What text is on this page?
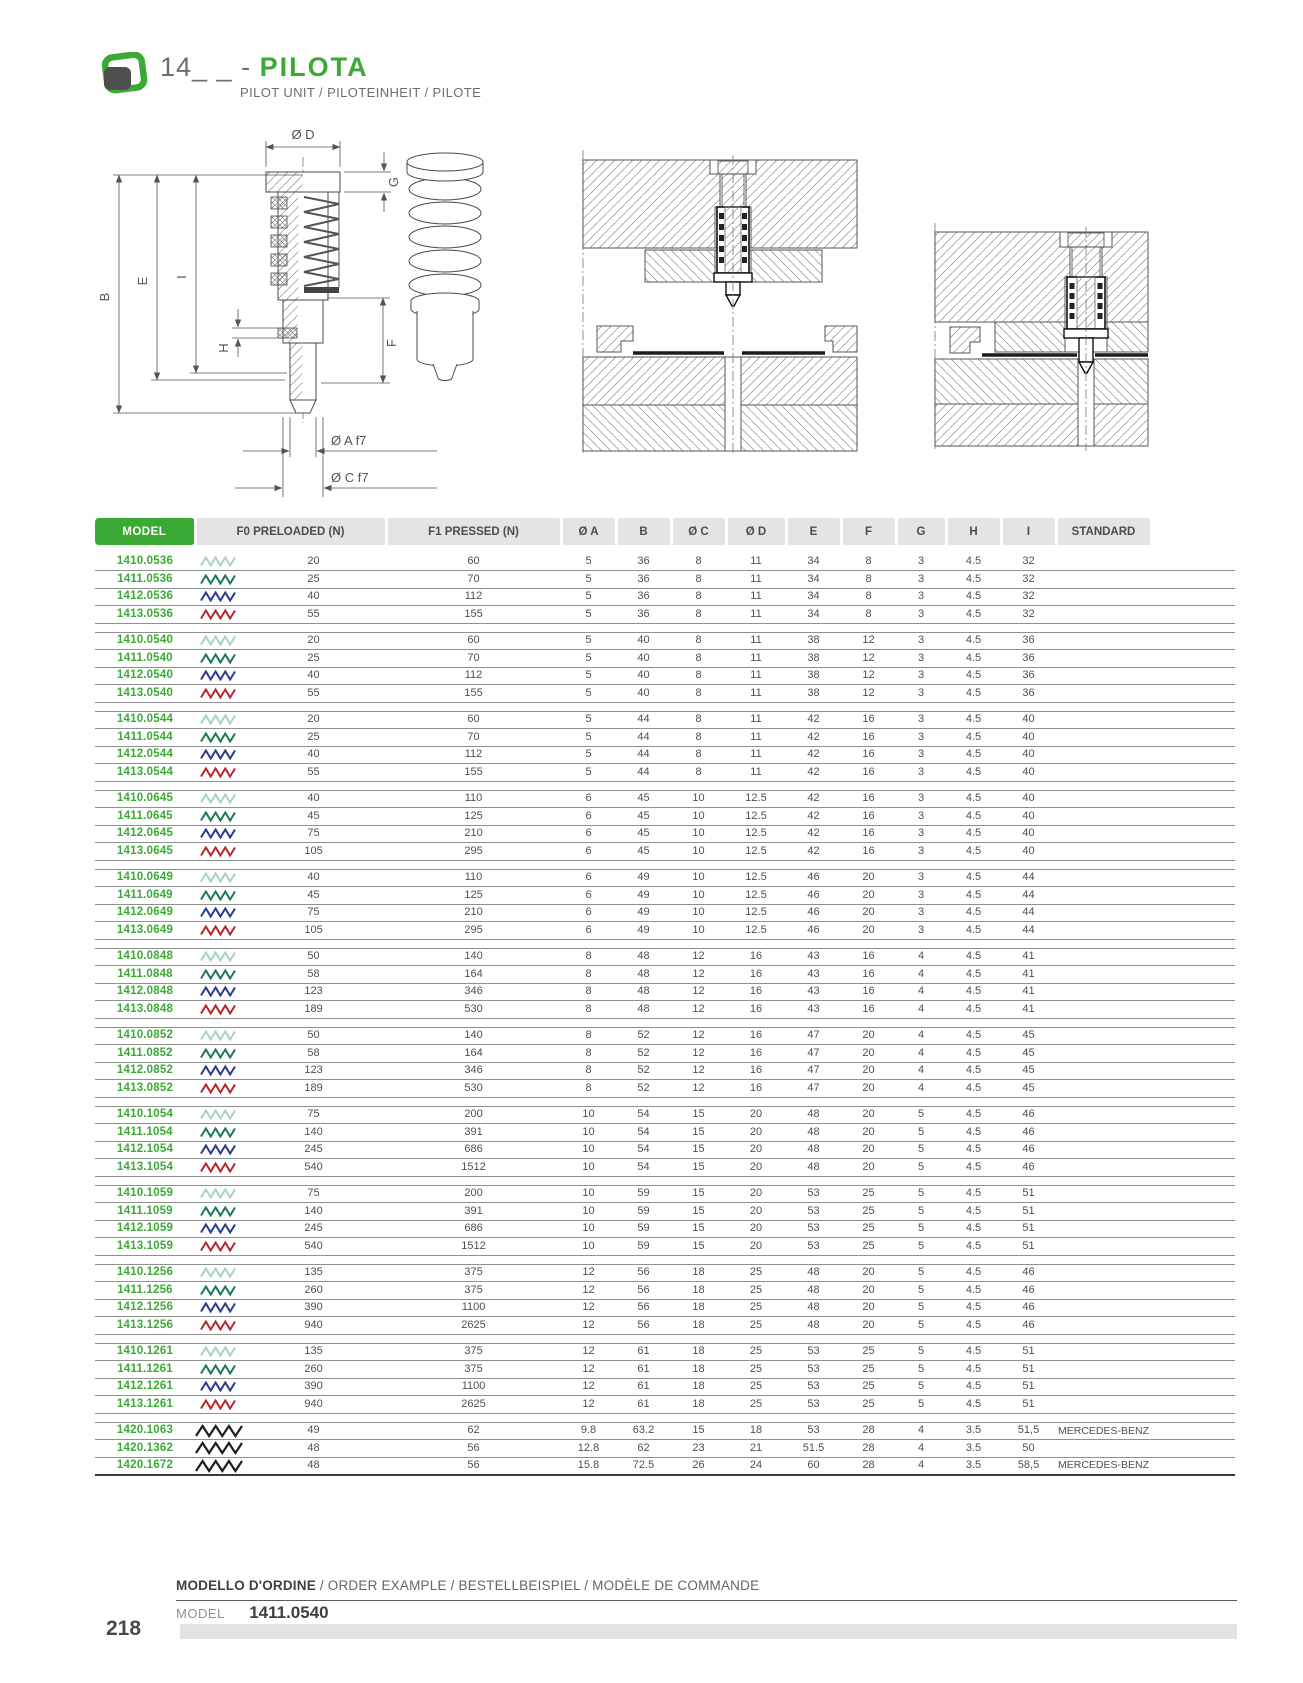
14_ _ - PILOTA
PILOT UNIT / PILOTEINHEIT / PILOTE
Ø D
G
B
E I
H
F
Ø A f7
Ø C f7
MODEL	F0 PRELOADED (N)		F1 PRESSED (N)	Ø A	B	Ø C	Ø D	E	F	G	H	I	STANDARD	

1410.0536		20	60	5	36	8	11	34	8	3	4.5	32		
1411.0536		25	70	5	36	8	11	34	8	3	4.5	32		
1412.0536		40	112	5	36	8	11	34	8	3	4.5	32		
1413.0536		55	155	5	36	8	11	34	8	3	4.5	32		

1410.0540		20	60	5	40	8	11	38	12	3	4.5	36		
1411.0540		25	70	5	40	8	11	38	12	3	4.5	36		
1412.0540		40	112	5	40	8	11	38	12	3	4.5	36		
1413.0540		55	155	5	40	8	11	38	12	3	4.5	36		

1410.0544		20	60	5	44	8	11	42	16	3	4.5	40		
1411.0544		25	70	5	44	8	11	42	16	3	4.5	40		
1412.0544		40	112	5	44	8	11	42	16	3	4.5	40		
1413.0544		55	155	5	44	8	11	42	16	3	4.5	40		

1410.0645		40	110	6	45	10	12.5	42	16	3	4.5	40		
1411.0645		45	125	6	45	10	12.5	42	16	3	4.5	40		
1412.0645		75	210	6	45	10	12.5	42	16	3	4.5	40		
1413.0645		105	295	6	45	10	12.5	42	16	3	4.5	40		

1410.0649		40	110	6	49	10	12.5	46	20	3	4.5	44		
1411.0649		45	125	6	49	10	12.5	46	20	3	4.5	44		
1412.0649		75	210	6	49	10	12.5	46	20	3	4.5	44		
1413.0649		105	295	6	49	10	12.5	46	20	3	4.5	44		

1410.0848		50	140	8	48	12	16	43	16	4	4.5	41		
1411.0848		58	164	8	48	12	16	43	16	4	4.5	41		
1412.0848		123	346	8	48	12	16	43	16	4	4.5	41		
1413.0848		189	530	8	48	12	16	43	16	4	4.5	41		

1410.0852		50	140	8	52	12	16	47	20	4	4.5	45		
1411.0852		58	164	8	52	12	16	47	20	4	4.5	45		
1412.0852		123	346	8	52	12	16	47	20	4	4.5	45		
1413.0852		189	530	8	52	12	16	47	20	4	4.5	45		

1410.1054		75	200	10	54	15	20	48	20	5	4.5	46		
1411.1054		140	391	10	54	15	20	48	20	5	4.5	46		
1412.1054		245	686	10	54	15	20	48	20	5	4.5	46		
1413.1054		540	1512	10	54	15	20	48	20	5	4.5	46		

1410.1059		75	200	10	59	15	20	53	25	5	4.5	51		
1411.1059		140	391	10	59	15	20	53	25	5	4.5	51		
1412.1059		245	686	10	59	15	20	53	25	5	4.5	51		
1413.1059		540	1512	10	59	15	20	53	25	5	4.5	51		

1410.1256		135	375	12	56	18	25	48	20	5	4.5	46		
1411.1256		260	375	12	56	18	25	48	20	5	4.5	46		
1412.1256		390	1100	12	56	18	25	48	20	5	4.5	46		
1413.1256		940	2625	12	56	18	25	48	20	5	4.5	46		

1410.1261		135	375	12	61	18	25	53	25	5	4.5	51		
1411.1261		260	375	12	61	18	25	53	25	5	4.5	51		
1412.1261		390	1100	12	61	18	25	53	25	5	4.5	51		
1413.1261		940	2625	12	61	18	25	53	25	5	4.5	51		

1420.1063		49	62	9.8	63.2	15	18	53	28	4	3.5	51,5	MERCEDES-BENZ	
1420.1362		48	56	12.8	62	23	21	51.5	28	4	3.5	50		
1420.1672		48	56	15.8	72.5	26	24	60	28	4	3.5	58,5	MERCEDES-BENZ	
MODELLO D'ORDINE / ORDER EXAMPLE / BESTELLBEISPIEL / MODÈLE DE COMMANDE
MODEL 1411.0540
218
